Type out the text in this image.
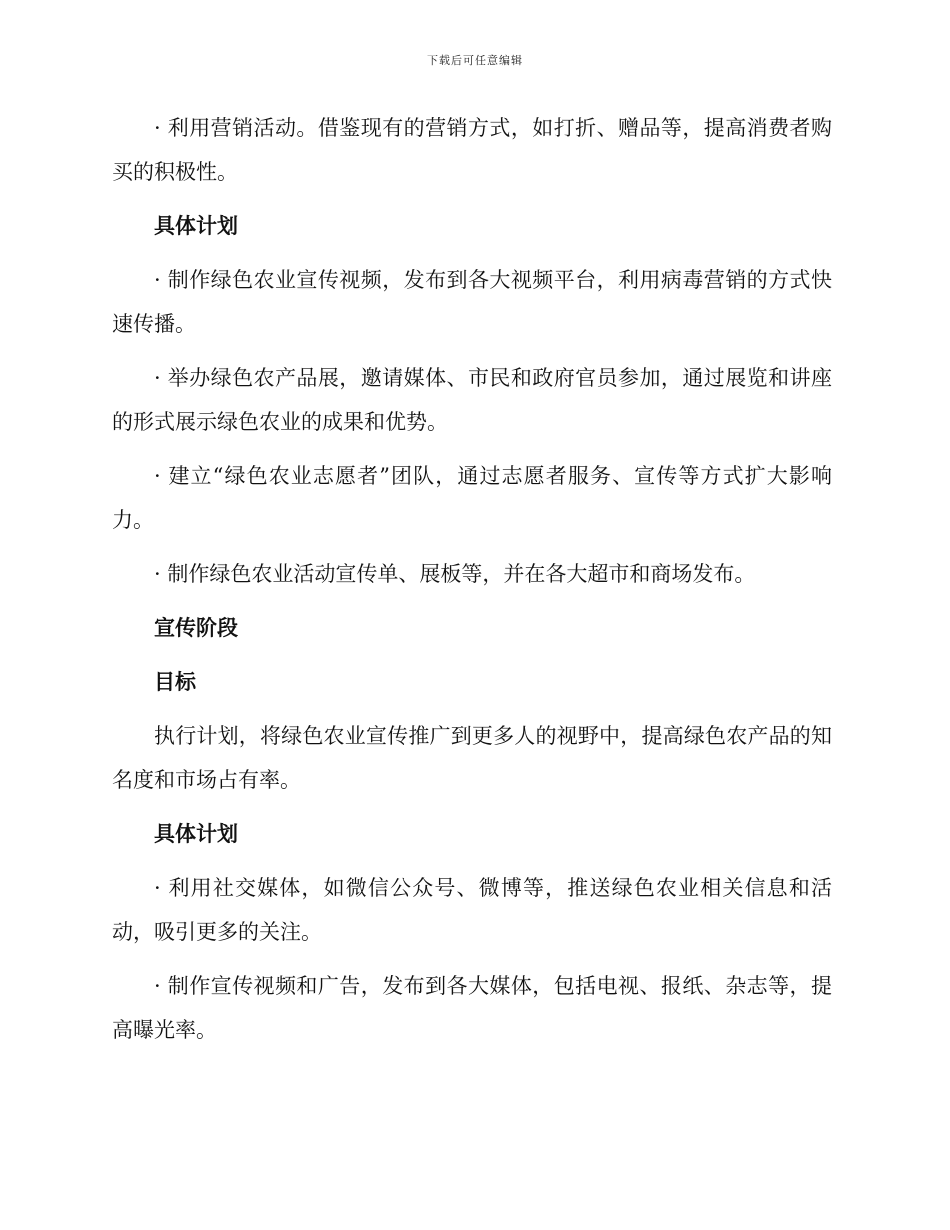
下载后可任意编辑

· 利用营销活动。借鉴现有的营销方式，如打折、赠品等，提高消费者购买的积极性。

具体计划

· 制作绿色农业宣传视频，发布到各大视频平台，利用病毒营销的方式快速传播。

· 举办绿色农产品展，邀请媒体、市民和政府官员参加，通过展览和讲座的形式展示绿色农业的成果和优势。

· 建立“绿色农业志愿者”团队，通过志愿者服务、宣传等方式扩大影响力。

· 制作绿色农业活动宣传单、展板等，并在各大超市和商场发布。

宣传阶段

目标

执行计划，将绿色农业宣传推广到更多人的视野中，提高绿色农产品的知名度和市场占有率。

具体计划

· 利用社交媒体，如微信公众号、微博等，推送绿色农业相关信息和活动，吸引更多的关注。

· 制作宣传视频和广告，发布到各大媒体，包括电视、报纸、杂志等，提高曝光率。
